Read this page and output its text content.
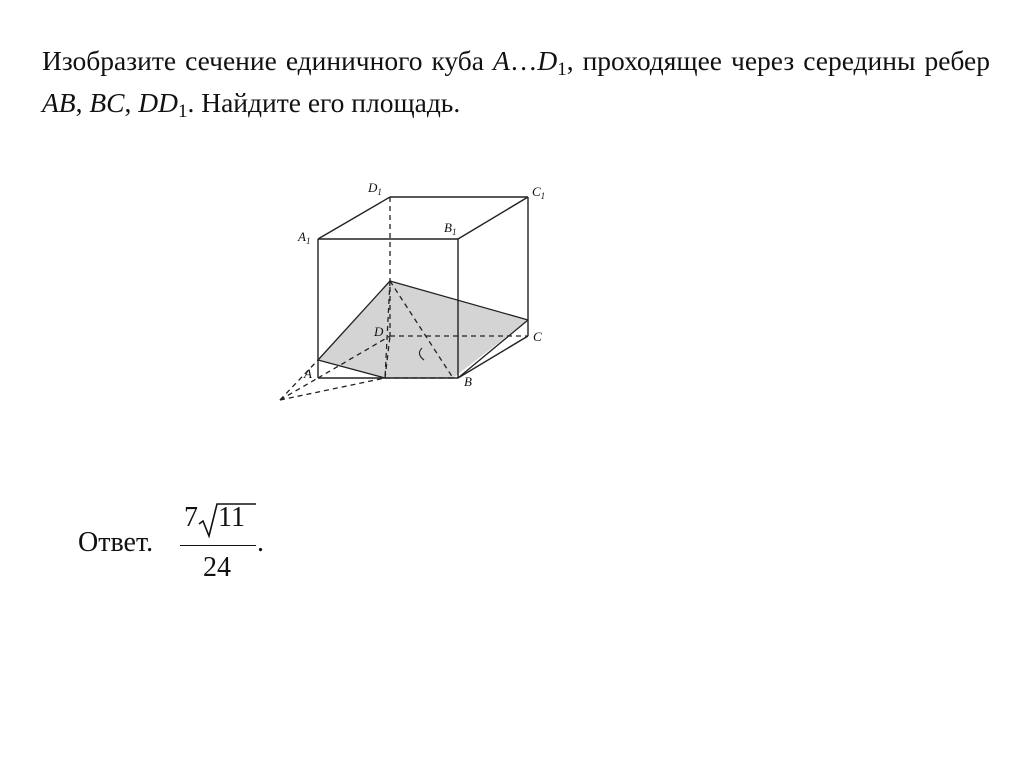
Изобразите сечение единичного куба $A\dots D_1$, проходящее через середины ребер AB, BC, $DD_1$. Найдите его площадь.

$D_1$	$C_1$
$A_1$
$B_1$
D	C
A
B
Ответ.
7 11
24
.
